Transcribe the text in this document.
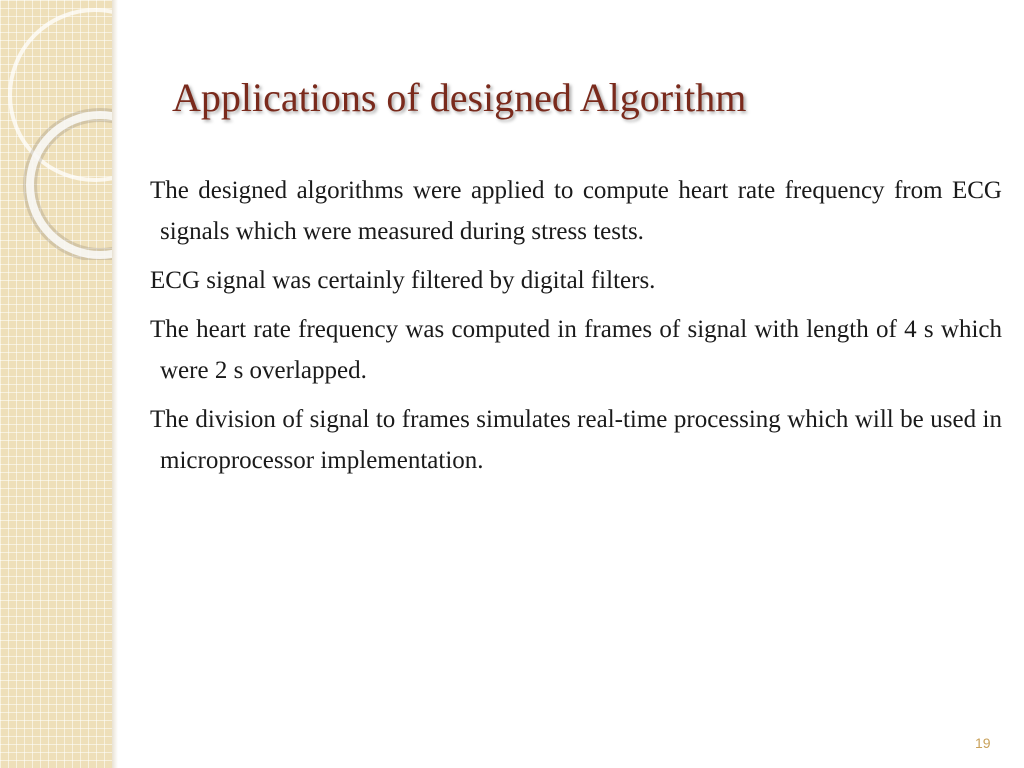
Applications of designed Algorithm

The designed algorithms were applied to compute heart rate frequency from ECG signals which were measured during stress tests.

ECG signal was certainly filtered by digital filters.

The heart rate frequency was computed in frames of signal with length of 4 s which were 2 s overlapped.

The division of signal to frames simulates real-time processing which will be used in microprocessor implementation.

19
